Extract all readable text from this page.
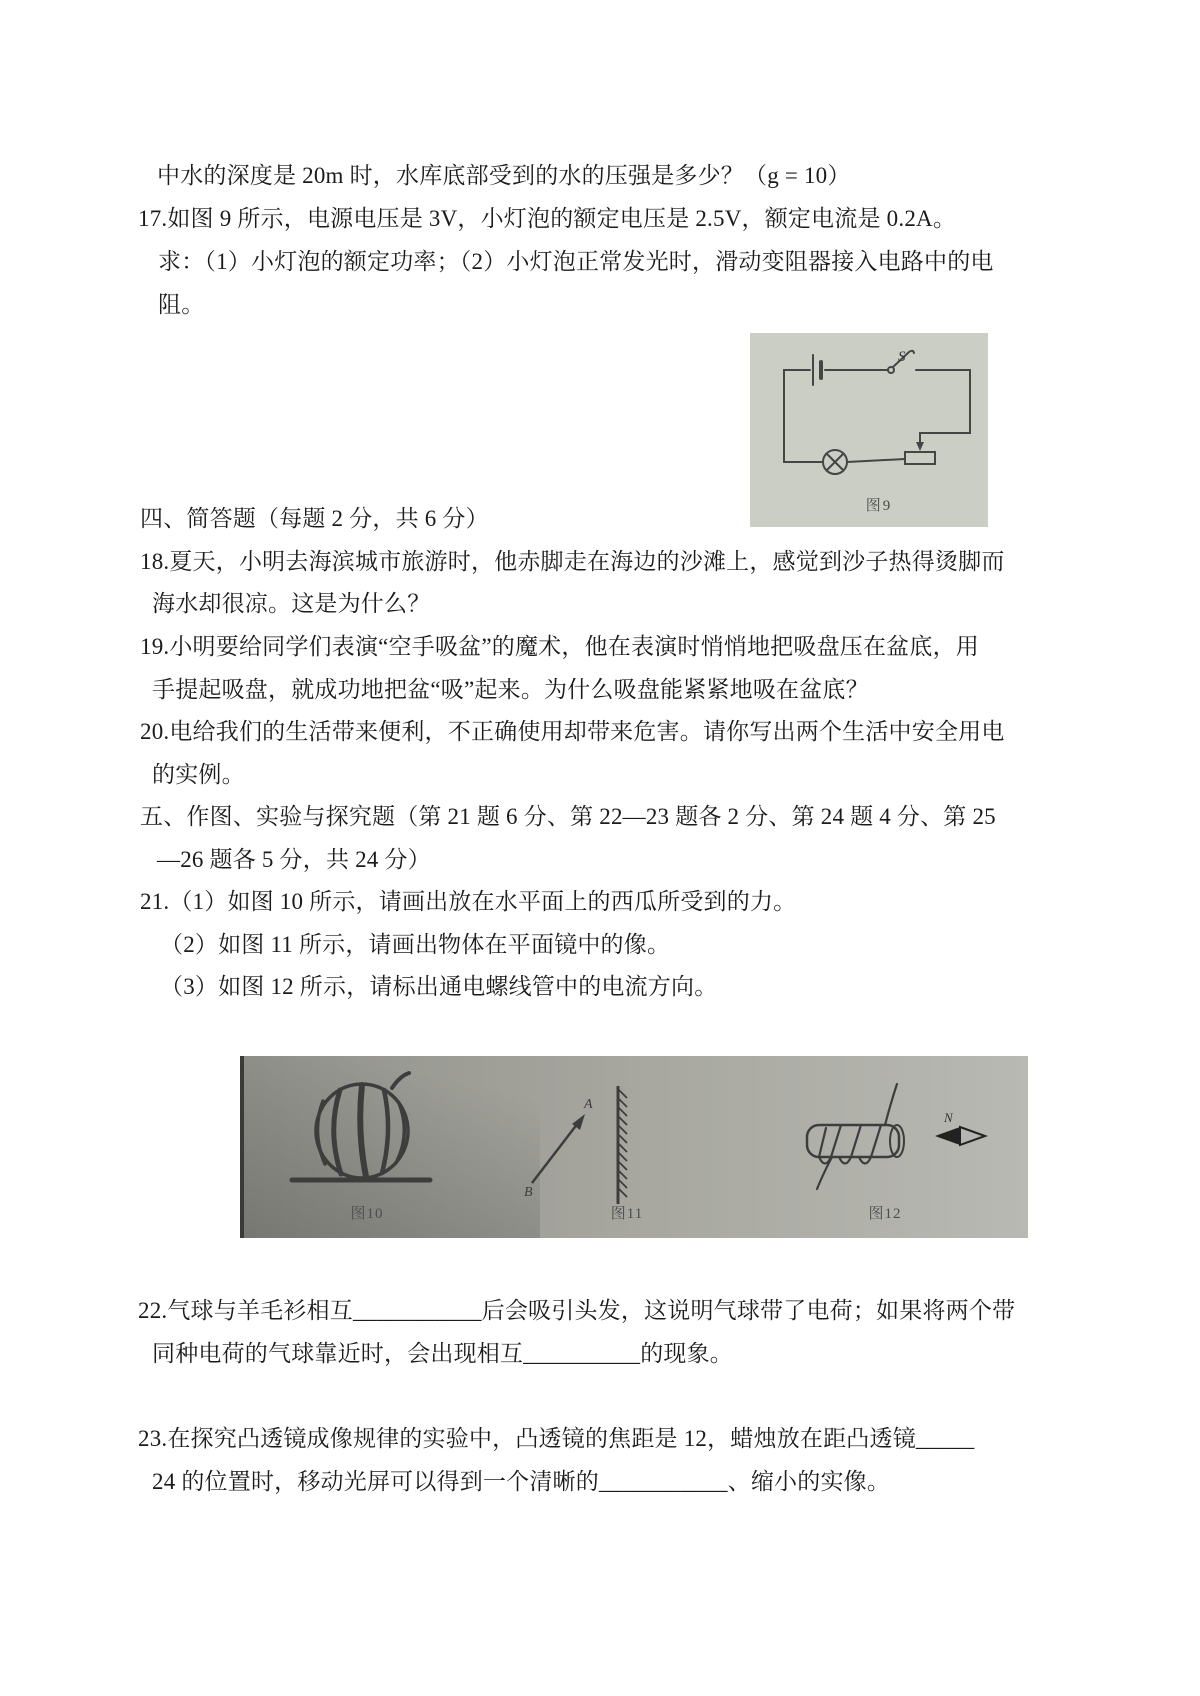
中水的深度是 20m 时，水库底部受到的水的压强是多少？（g = 10）
17.如图 9 所示，电源电压是 3V，小灯泡的额定电压是 2.5V，额定电流是 0.2A。
求：（1）小灯泡的额定功率；（2）小灯泡正常发光时，滑动变阻器接入电路中的电
阻。
四、简答题（每题 2 分，共 6 分）
18.夏天，小明去海滨城市旅游时，他赤脚走在海边的沙滩上，感觉到沙子热得烫脚而
海水却很凉。这是为什么？
19.小明要给同学们表演“空手吸盆”的魔术，他在表演时悄悄地把吸盘压在盆底，用
手提起吸盘，就成功地把盆“吸”起来。为什么吸盘能紧紧地吸在盆底？
20.电给我们的生活带来便利，不正确使用却带来危害。请你写出两个生活中安全用电
的实例。
五、作图、实验与探究题（第 21 题 6 分、第 22—23 题各 2 分、第 24 题 4 分、第 25
—26 题各 5 分，共 24 分）
21.（1）如图 10 所示，请画出放在水平面上的西瓜所受到的力。
（2）如图 11 所示，请画出物体在平面镜中的像。
（3）如图 12 所示，请标出通电螺线管中的电流方向。
22.气球与羊毛衫相互___________后会吸引头发，这说明气球带了电荷；如果将两个带
同种电荷的气球靠近时，会出现相互__________的现象。
23.在探究凸透镜成像规律的实验中，凸透镜的焦距是 12，蜡烛放在距凸透镜_____
24 的位置时，移动光屏可以得到一个清晰的___________、缩小的实像。
S
图9
图10
A
B
图11
N
图12
